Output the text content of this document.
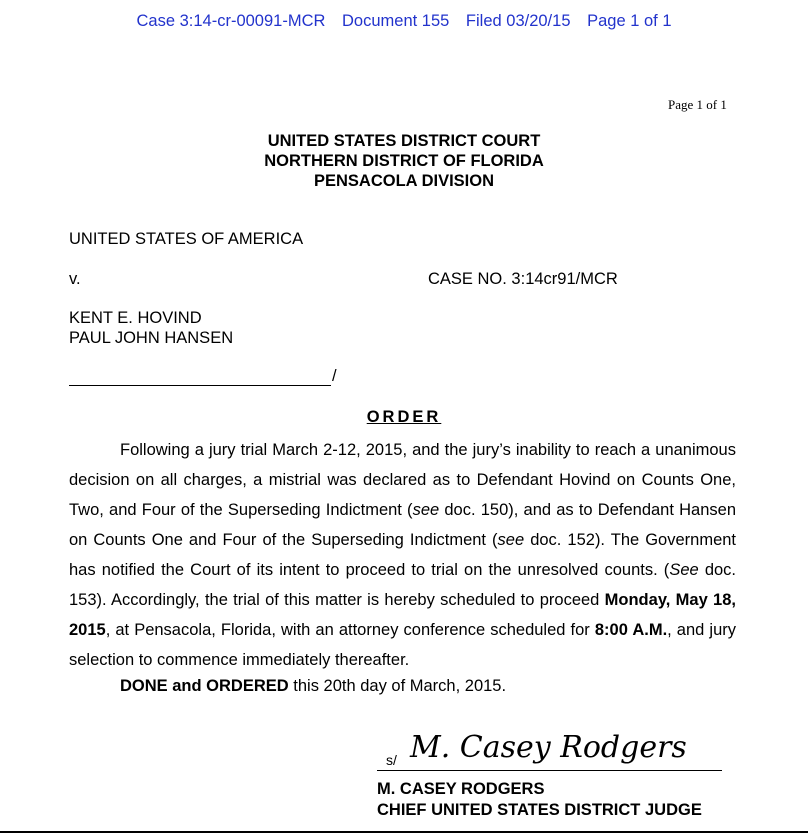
Case 3:14-cr-00091-MCR Document 155 Filed 03/20/15 Page 1 of 1
Page 1 of 1
UNITED STATES DISTRICT COURT
NORTHERN DISTRICT OF FLORIDA
PENSACOLA DIVISION
UNITED STATES OF AMERICA
v.	CASE NO. 3:14cr91/MCR
KENT E. HOVIND
PAUL JOHN HANSEN
/
ORDER

Following a jury trial March 2-12, 2015, and the jury’s inability to reach a unanimous decision on all charges, a mistrial was declared as to Defendant Hovind on Counts One, Two, and Four of the Superseding Indictment (see doc. 150), and as to Defendant Hansen on Counts One and Four of the Superseding Indictment (see doc. 152). The Government has notified the Court of its intent to proceed to trial on the unresolved counts. (See doc. 153). Accordingly, the trial of this matter is hereby scheduled to proceed Monday, May 18, 2015, at Pensacola, Florida, with an attorney conference scheduled for 8:00 A.M., and jury selection to commence immediately thereafter.

DONE and ORDERED this 20th day of March, 2015.
s/ M. Casey Rodgers
M. CASEY RODGERS
CHIEF UNITED STATES DISTRICT JUDGE
